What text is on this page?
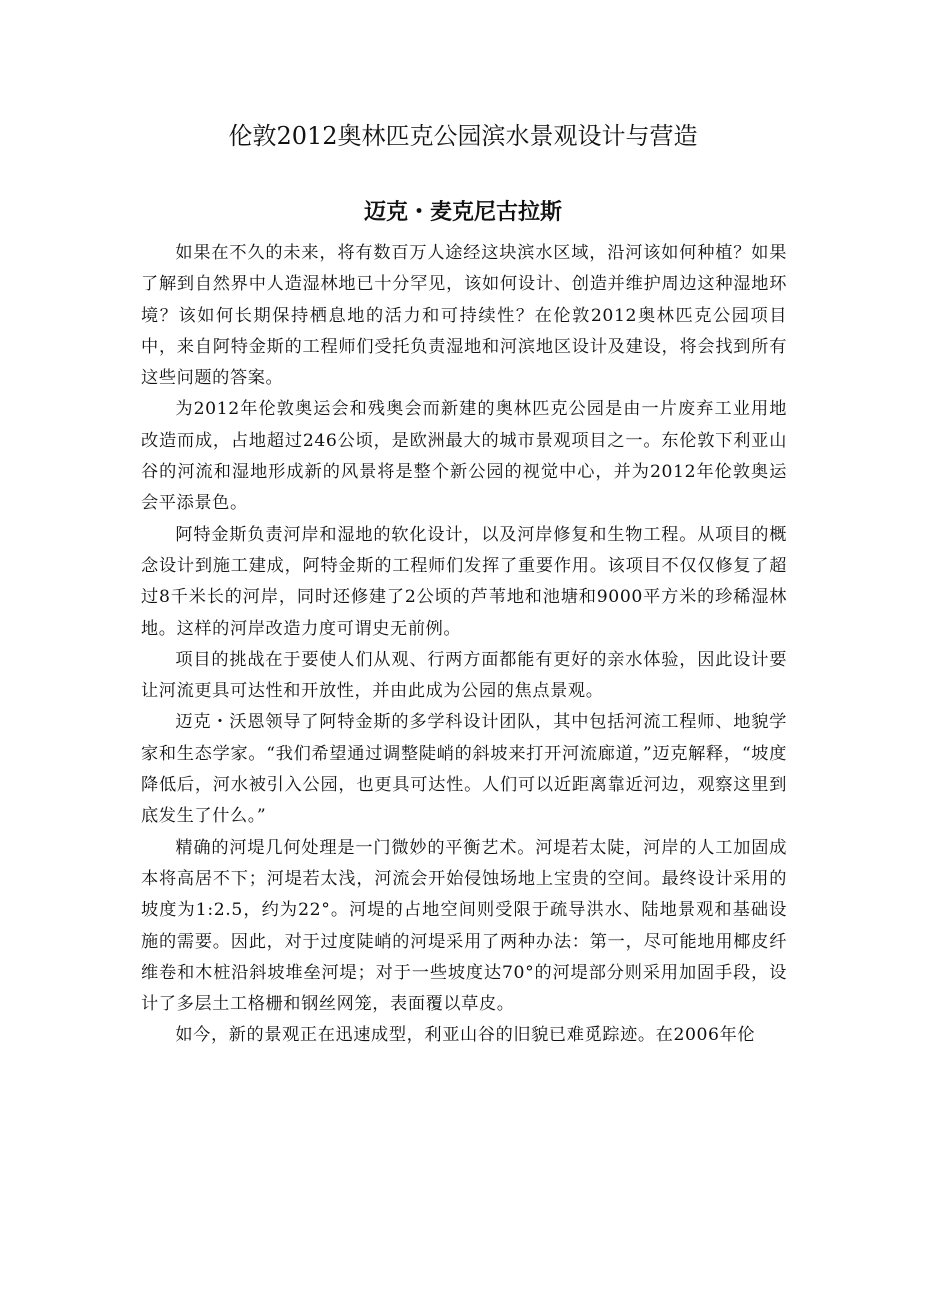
伦敦2012奥林匹克公园滨水景观设计与营造
迈克・麦克尼古拉斯

如果在不久的未来，将有数百万人途经这块滨水区域，沿河该如何种植？如果了解到自然界中人造湿林地已十分罕见，该如何设计、创造并维护周边这种湿地环境？该如何长期保持栖息地的活力和可持续性？在伦敦2012奥林匹克公园项目中，来自阿特金斯的工程师们受托负责湿地和河滨地区设计及建设，将会找到所有这些问题的答案。

为2012年伦敦奥运会和残奥会而新建的奥林匹克公园是由一片废弃工业用地改造而成，占地超过246公顷，是欧洲最大的城市景观项目之一。东伦敦下利亚山谷的河流和湿地形成新的风景将是整个新公园的视觉中心，并为2012年伦敦奥运会平添景色。

阿特金斯负责河岸和湿地的软化设计，以及河岸修复和生物工程。从项目的概念设计到施工建成，阿特金斯的工程师们发挥了重要作用。该项目不仅仅修复了超过8千米长的河岸，同时还修建了2公顷的芦苇地和池塘和9000平方米的珍稀湿林地。这样的河岸改造力度可谓史无前例。

项目的挑战在于要使人们从观、行两方面都能有更好的亲水体验，因此设计要让河流更具可达性和开放性，并由此成为公园的焦点景观。

迈克・沃恩领导了阿特金斯的多学科设计团队，其中包括河流工程师、地貌学家和生态学家。“我们希望通过调整陡峭的斜坡来打开河流廊道，”迈克解释，“坡度降低后，河水被引入公园，也更具可达性。人们可以近距离靠近河边，观察这里到底发生了什么。”

精确的河堤几何处理是一门微妙的平衡艺术。河堤若太陡，河岸的人工加固成本将高居不下；河堤若太浅，河流会开始侵蚀场地上宝贵的空间。最终设计采用的坡度为1:2.5，约为22°。河堤的占地空间则受限于疏导洪水、陆地景观和基础设施的需要。因此，对于过度陡峭的河堤采用了两种办法：第一，尽可能地用椰皮纤维卷和木桩沿斜坡堆垒河堤；对于一些坡度达70°的河堤部分则采用加固手段，设计了多层土工格栅和钢丝网笼，表面覆以草皮。

如今，新的景观正在迅速成型，利亚山谷的旧貌已难觅踪迹。在2006年伦
